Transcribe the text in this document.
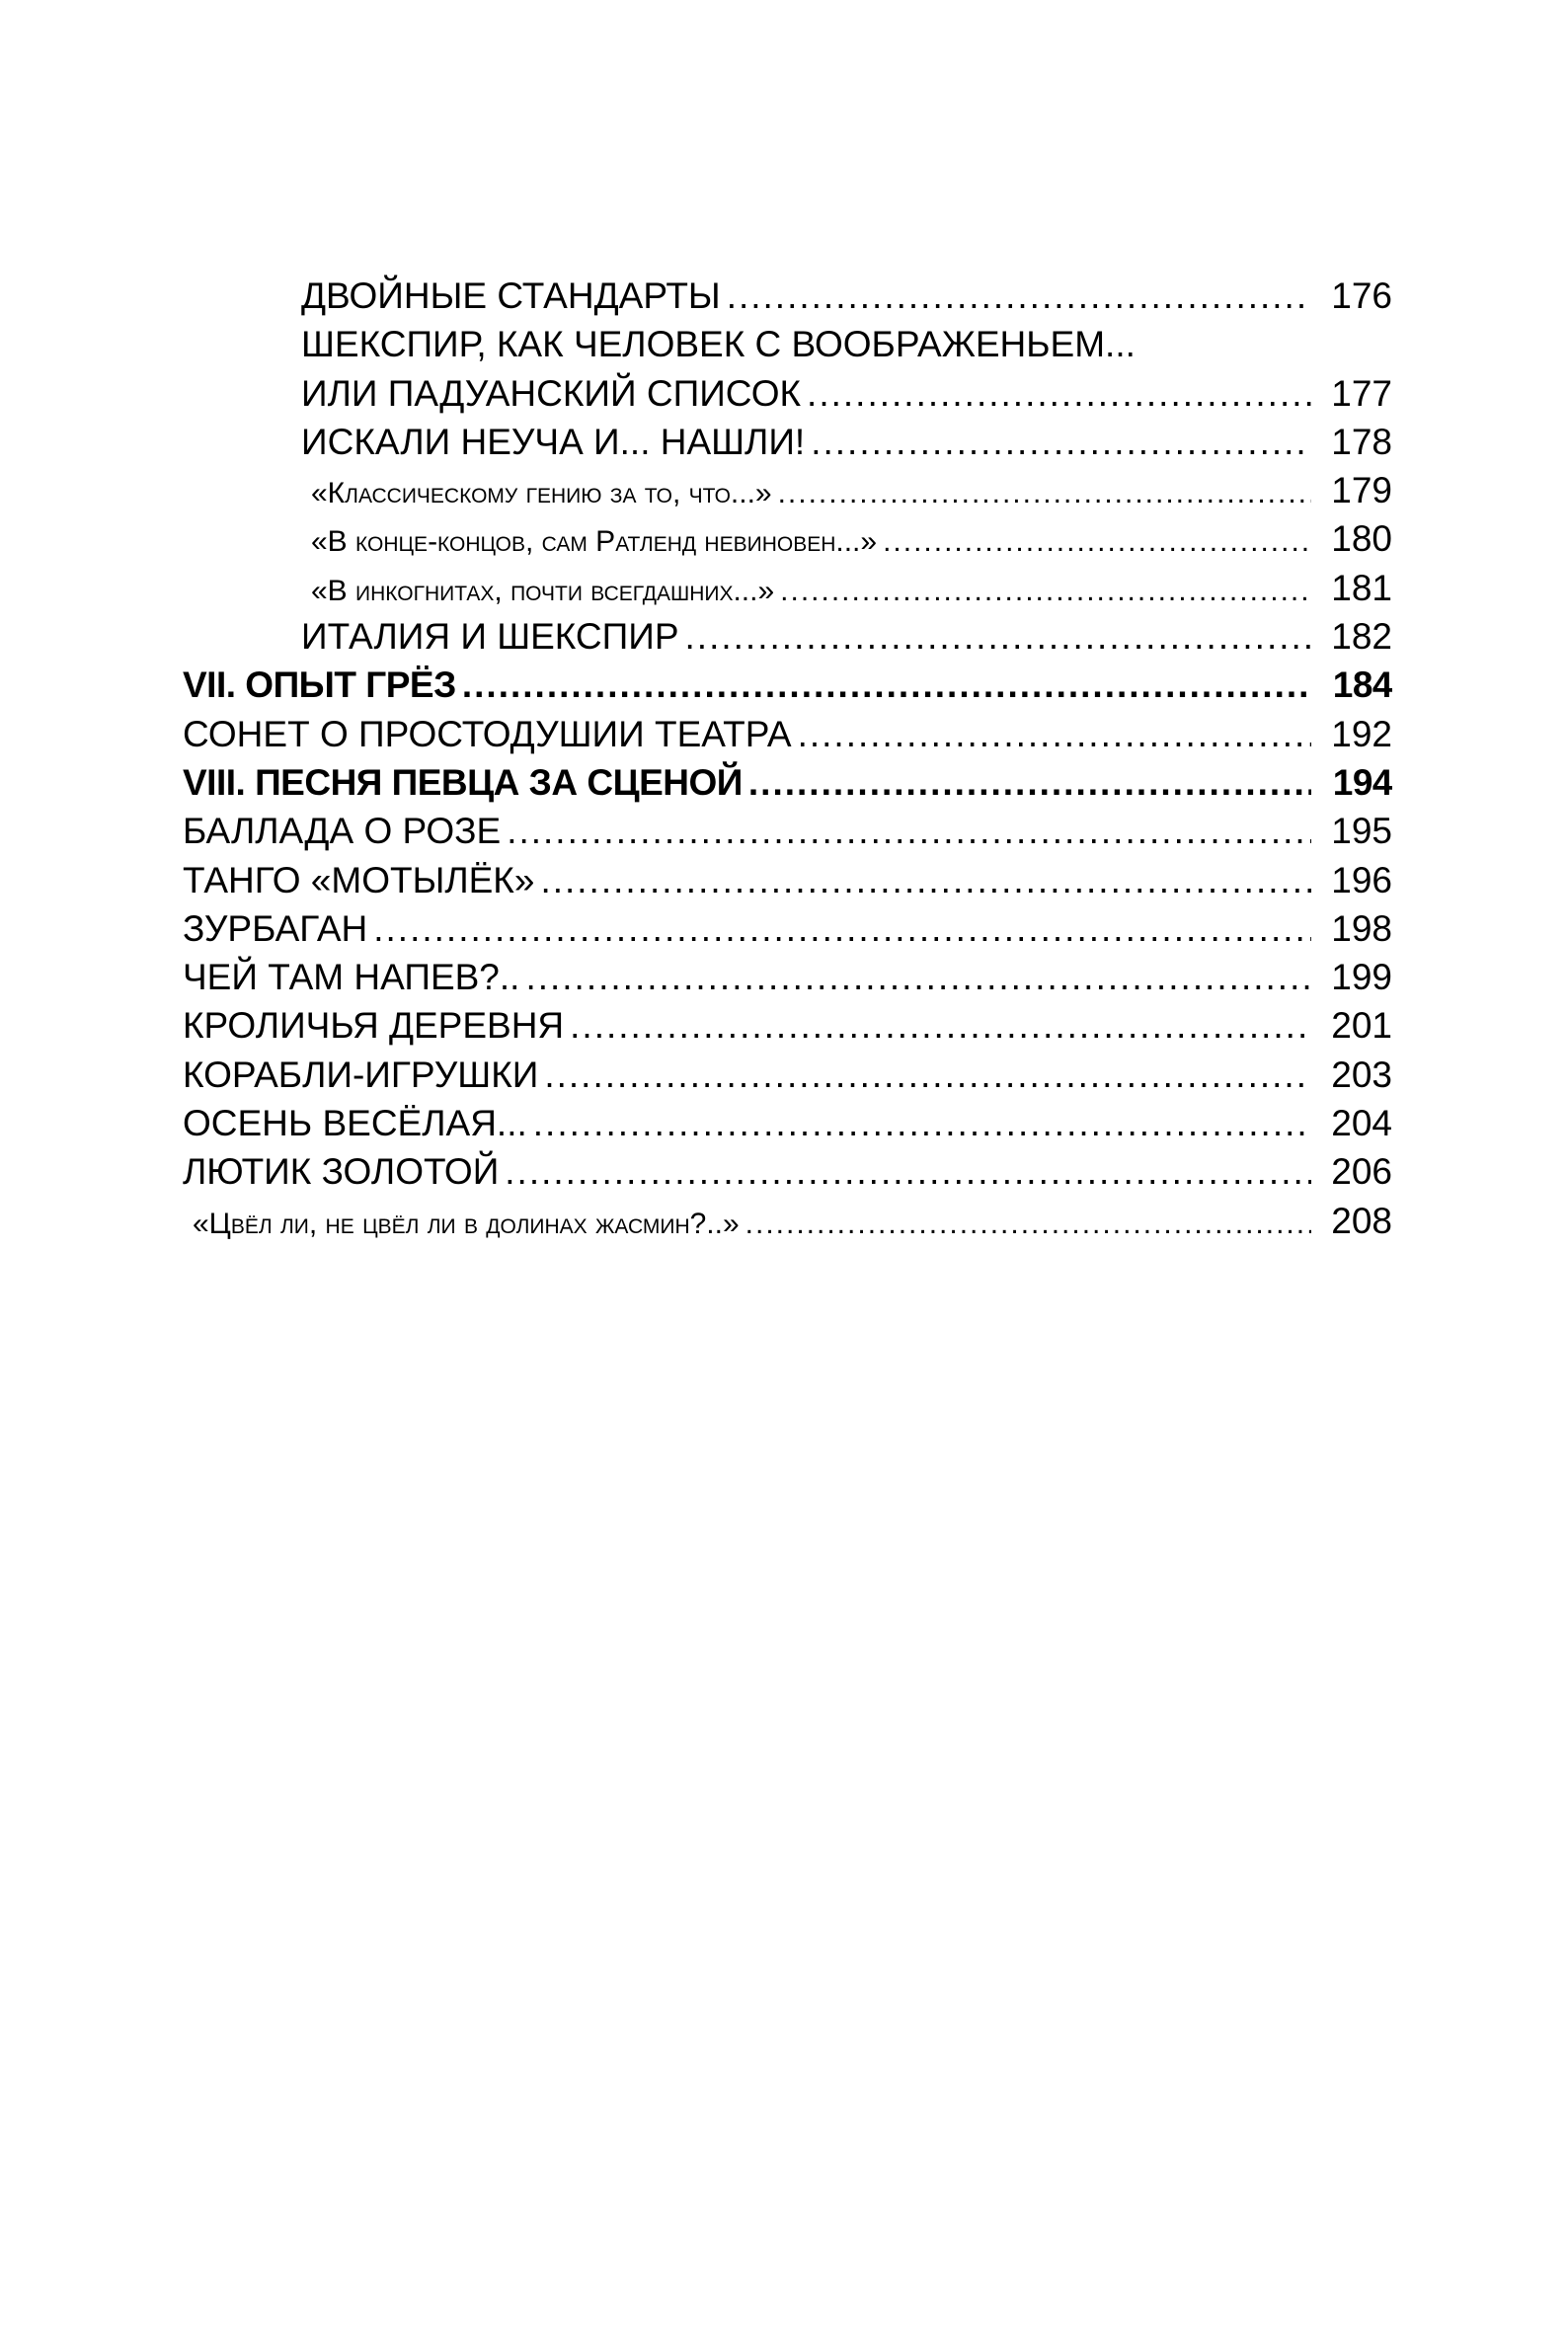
ДВОЙНЫЕ СТАНДАРТЫ .....	176
ШЕКСПИР, КАК ЧЕЛОВЕК С ВООБРАЖЕНЬЕМ...
ИЛИ ПАДУАНСКИЙ СПИСОК .....	177
ИСКАЛИ НЕУЧА И... НАШЛИ! .....	178
«Классическому гению за то, что...» .....	179
«В конце-концов, сам Ратленд невиновен...» .....	180
«В инкогнитах, почти всегдашних...» .....	181
ИТАЛИЯ И ШЕКСПИР .....	182
VII. ОПЫТ ГРЁЗ .....	184
СОНЕТ О ПРОСТОДУШИИ ТЕАТРА .....	192
VIII. ПЕСНЯ ПЕВЦА ЗА СЦЕНОЙ .....	194
БАЛЛАДА О РОЗЕ .....	195
ТАНГО «МОТЫЛЁК» .....	196
ЗУРБАГАН .....	198
ЧЕЙ ТАМ НАПЕВ?.. .....	199
КРОЛИЧЬЯ ДЕРЕВНЯ .....	201
КОРАБЛИ-ИГРУШКИ .....	203
ОСЕНЬ ВЕСЁЛАЯ... .....	204
ЛЮТИК ЗОЛОТОЙ .....	206
«Цвёл ли, не цвёл ли в долинах жасмин?..» .....	208
